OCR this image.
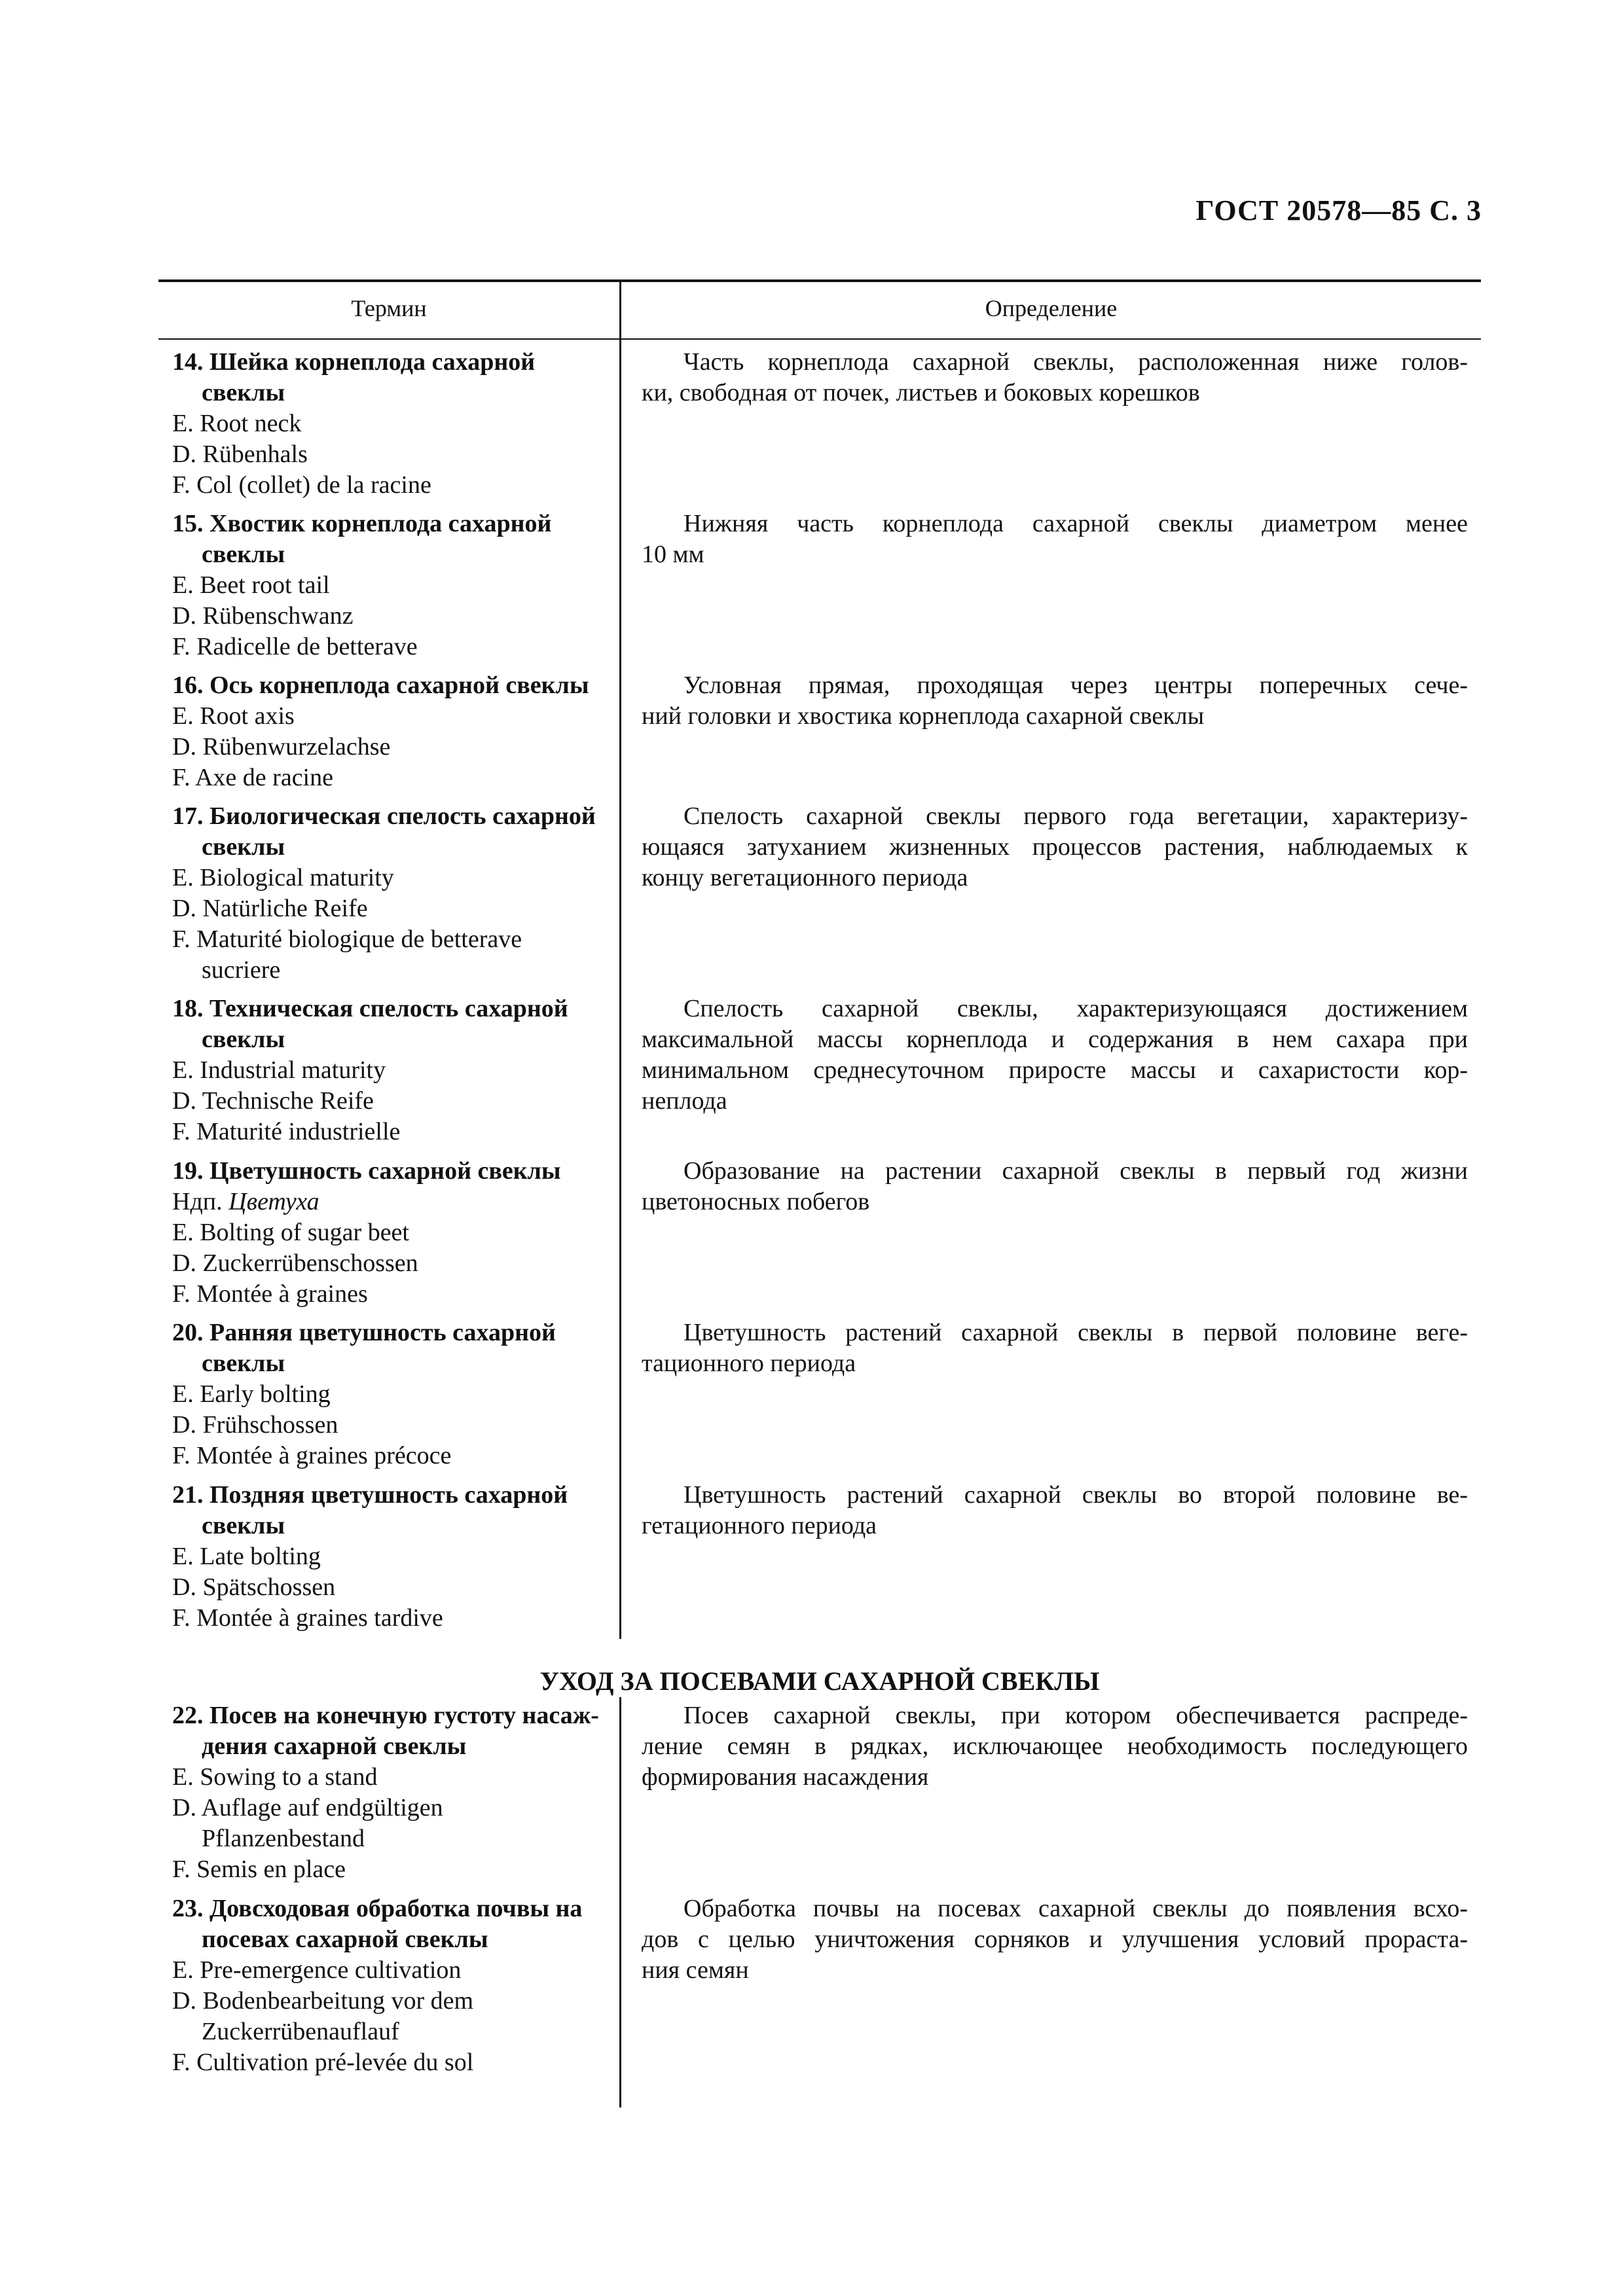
ГОСТ 20578—85 С. 3
Термин	Определение
14. Шейка корнеплода сахарной
свеклы
E. Root neck
D. Rübenhals
F. Col (collet) de la racine
Часть корнеплода сахарной свеклы, расположенная ниже голов-
ки, свободная от почек, листьев и боковых корешков
15. Хвостик корнеплода сахарной
свеклы
E. Beet root tail
D. Rübenschwanz
F. Radicelle de betterave
Нижняя часть корнеплода сахарной свеклы диаметром менее
10 мм
16. Ось корнеплода сахарной свеклы
E. Root axis
D. Rübenwurzelachse
F. Axe de racine
Условная прямая, проходящая через центры поперечных сече-
ний головки и хвостика корнеплода сахарной свеклы
17. Биологическая спелость сахарной
свеклы
E. Biological maturity
D. Natürliche Reife
F. Maturité biologique de betterave
sucriere
Спелость сахарной свеклы первого года вегетации, характеризу-
ющаяся затуханием жизненных процессов растения, наблюдаемых к
концу вегетационного периода
18. Техническая спелость сахарной
свеклы
E. Industrial maturity
D. Technische Reife
F. Maturité industrielle
Спелость сахарной свеклы, характеризующаяся достижением
максимальной массы корнеплода и содержания в нем сахара при
минимальном среднесуточном приросте массы и сахаристости кор-
неплода
19. Цветушность сахарной свеклы
Ндп. Цветуха
E. Bolting of sugar beet
D. Zuckerrübenschossen
F. Montée à graines
Образование на растении сахарной свеклы в первый год жизни
цветоносных побегов
20. Ранняя цветушность сахарной
свеклы
E. Early bolting
D. Frühschossen
F. Montée à graines précoce
Цветушность растений сахарной свеклы в первой половине веге-
тационного периода
21. Поздняя цветушность сахарной
свеклы
E. Late bolting
D. Spätschossen
F. Montée à graines tardive
Цветушность растений сахарной свеклы во второй половине ве-
гетационного периода
УХОД ЗА ПОСЕВАМИ САХАРНОЙ СВЕКЛЫ
22. Посев на конечную густоту насаж-
дения сахарной свеклы
E. Sowing to a stand
D. Auflage auf endgültigen
Pflanzenbestand
F. Semis en place
Посев сахарной свеклы, при котором обеспечивается распреде-
ление семян в рядках, исключающее необходимость последующего
формирования насаждения
23. Довсходовая обработка почвы на
посевах сахарной свеклы
E. Pre-emergence cultivation
D. Bodenbearbeitung vor dem
Zuckerrübenauflauf
F. Cultivation pré-levée du sol
Обработка почвы на посевах сахарной свеклы до появления всхо-
дов с целью уничтожения сорняков и улучшения условий прораста-
ния семян
